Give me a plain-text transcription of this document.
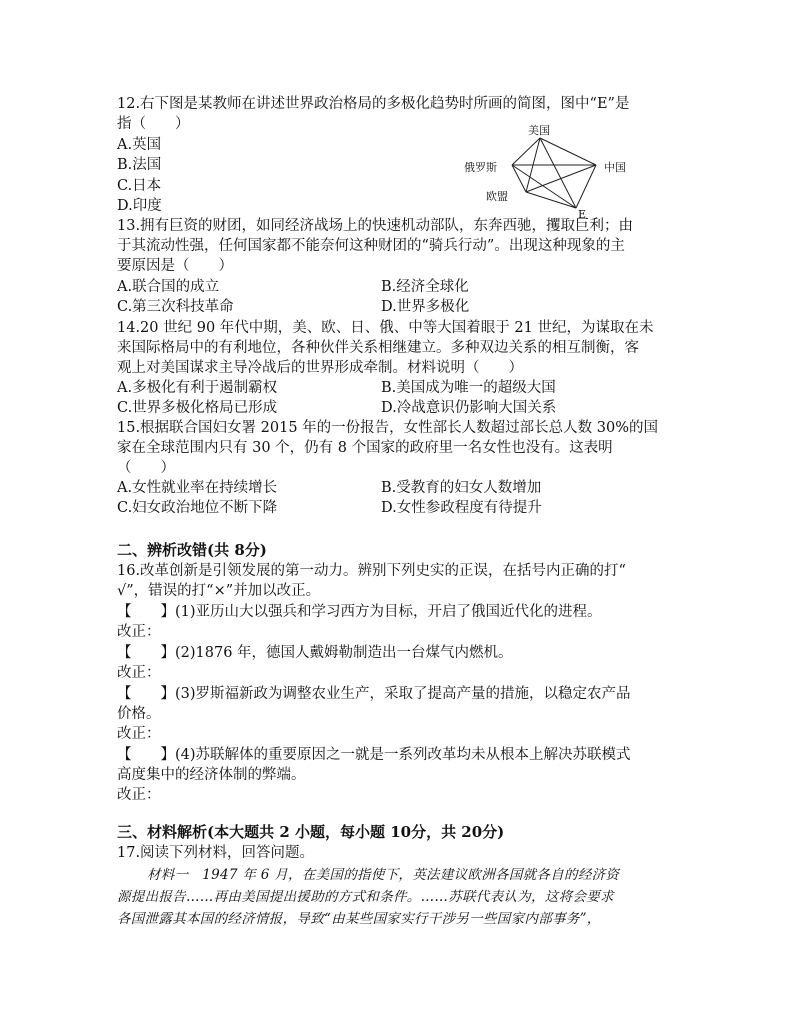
12.右下图是某教师在讲述世界政治格局的多极化趋势时所画的简图，图中“E”是
指（　　）
A.英国
B.法国
C.日本
D.印度
美国
俄罗斯	中国
欧盟
E
13.拥有巨资的财团，如同经济战场上的快速机动部队，东奔西驰，攫取巨利；由
于其流动性强，任何国家都不能奈何这种财团的“骑兵行动”。出现这种现象的主
要原因是（　　）
A.联合国的成立	B.经济全球化
C.第三次科技革命	D.世界多极化
14.20 世纪 90 年代中期，美、欧、日、俄、中等大国着眼于 21 世纪，为谋取在未
来国际格局中的有利地位，各种伙伴关系相继建立。多种双边关系的相互制衡，客
观上对美国谋求主导冷战后的世界形成牵制。材料说明（　　）
A.多极化有利于遏制霸权	B.美国成为唯一的超级大国
C.世界多极化格局已形成	D.冷战意识仍影响大国关系
15.根据联合国妇女署 2015 年的一份报告，女性部长人数超过部长总人数 30%的国
家在全球范围内只有 30 个，仍有 8 个国家的政府里一名女性也没有。这表明
（　　）
A.女性就业率在持续增长	B.受教育的妇女人数增加
C.妇女政治地位不断下降	D.女性参政程度有待提升
二、辨析改错(共 8分)
16.改革创新是引领发展的第一动力。辨别下列史实的正误，在括号内正确的打“
√”，错误的打“×”并加以改正。
【　　】(1)亚历山大以强兵和学习西方为目标，开启了俄国近代化的进程。
改正：
【　　】(2)1876 年，德国人戴姆勒制造出一台煤气内燃机。
改正：
【　　】(3)罗斯福新政为调整农业生产，采取了提高产量的措施，以稳定农产品
价格。
改正：
【　　】(4)苏联解体的重要原因之一就是一系列改革均未从根本上解决苏联模式
高度集中的经济体制的弊端。
改正：
三、材料解析(本大题共 2 小题，每小题 10分，共 20分)
17.阅读下列材料，回答问题。
材料一　1947 年 6 月，在美国的指使下，英法建议欧洲各国就各自的经济资
源提出报告……再由美国提出援助的方式和条件。……苏联代表认为，这将会要求
各国泄露其本国的经济情报，导致“由某些国家实行干涉另一些国家内部事务”，
